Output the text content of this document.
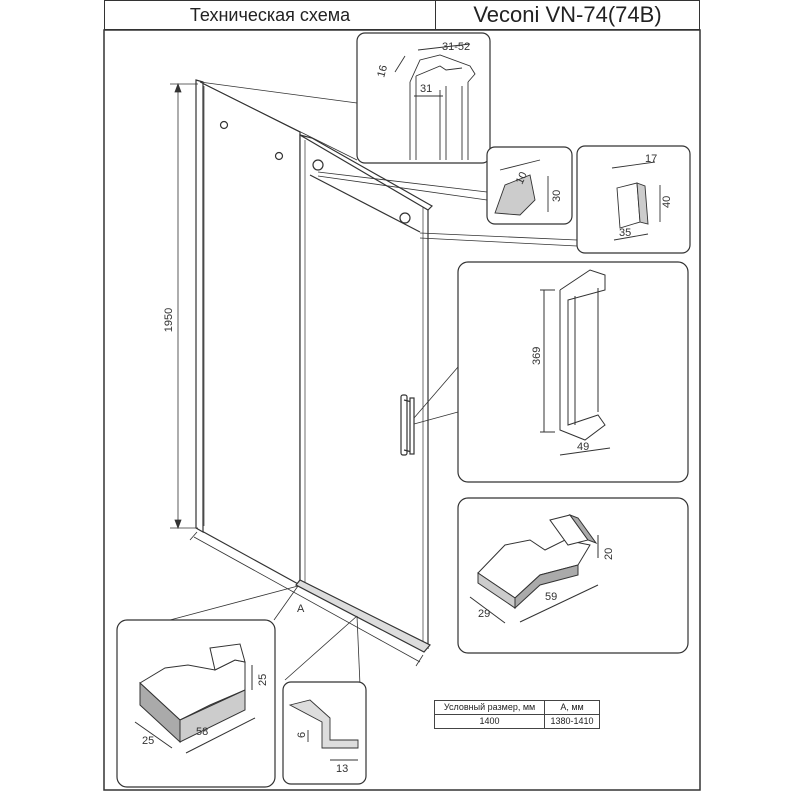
Техническая схема	Veconi VN-74(74B)
1950
A
31-52
16
31
10
30
17
40
35
369
49
20
29
59
25
25
58	6
13
Условный размер, мм	А, мм
1400	1380-1410
